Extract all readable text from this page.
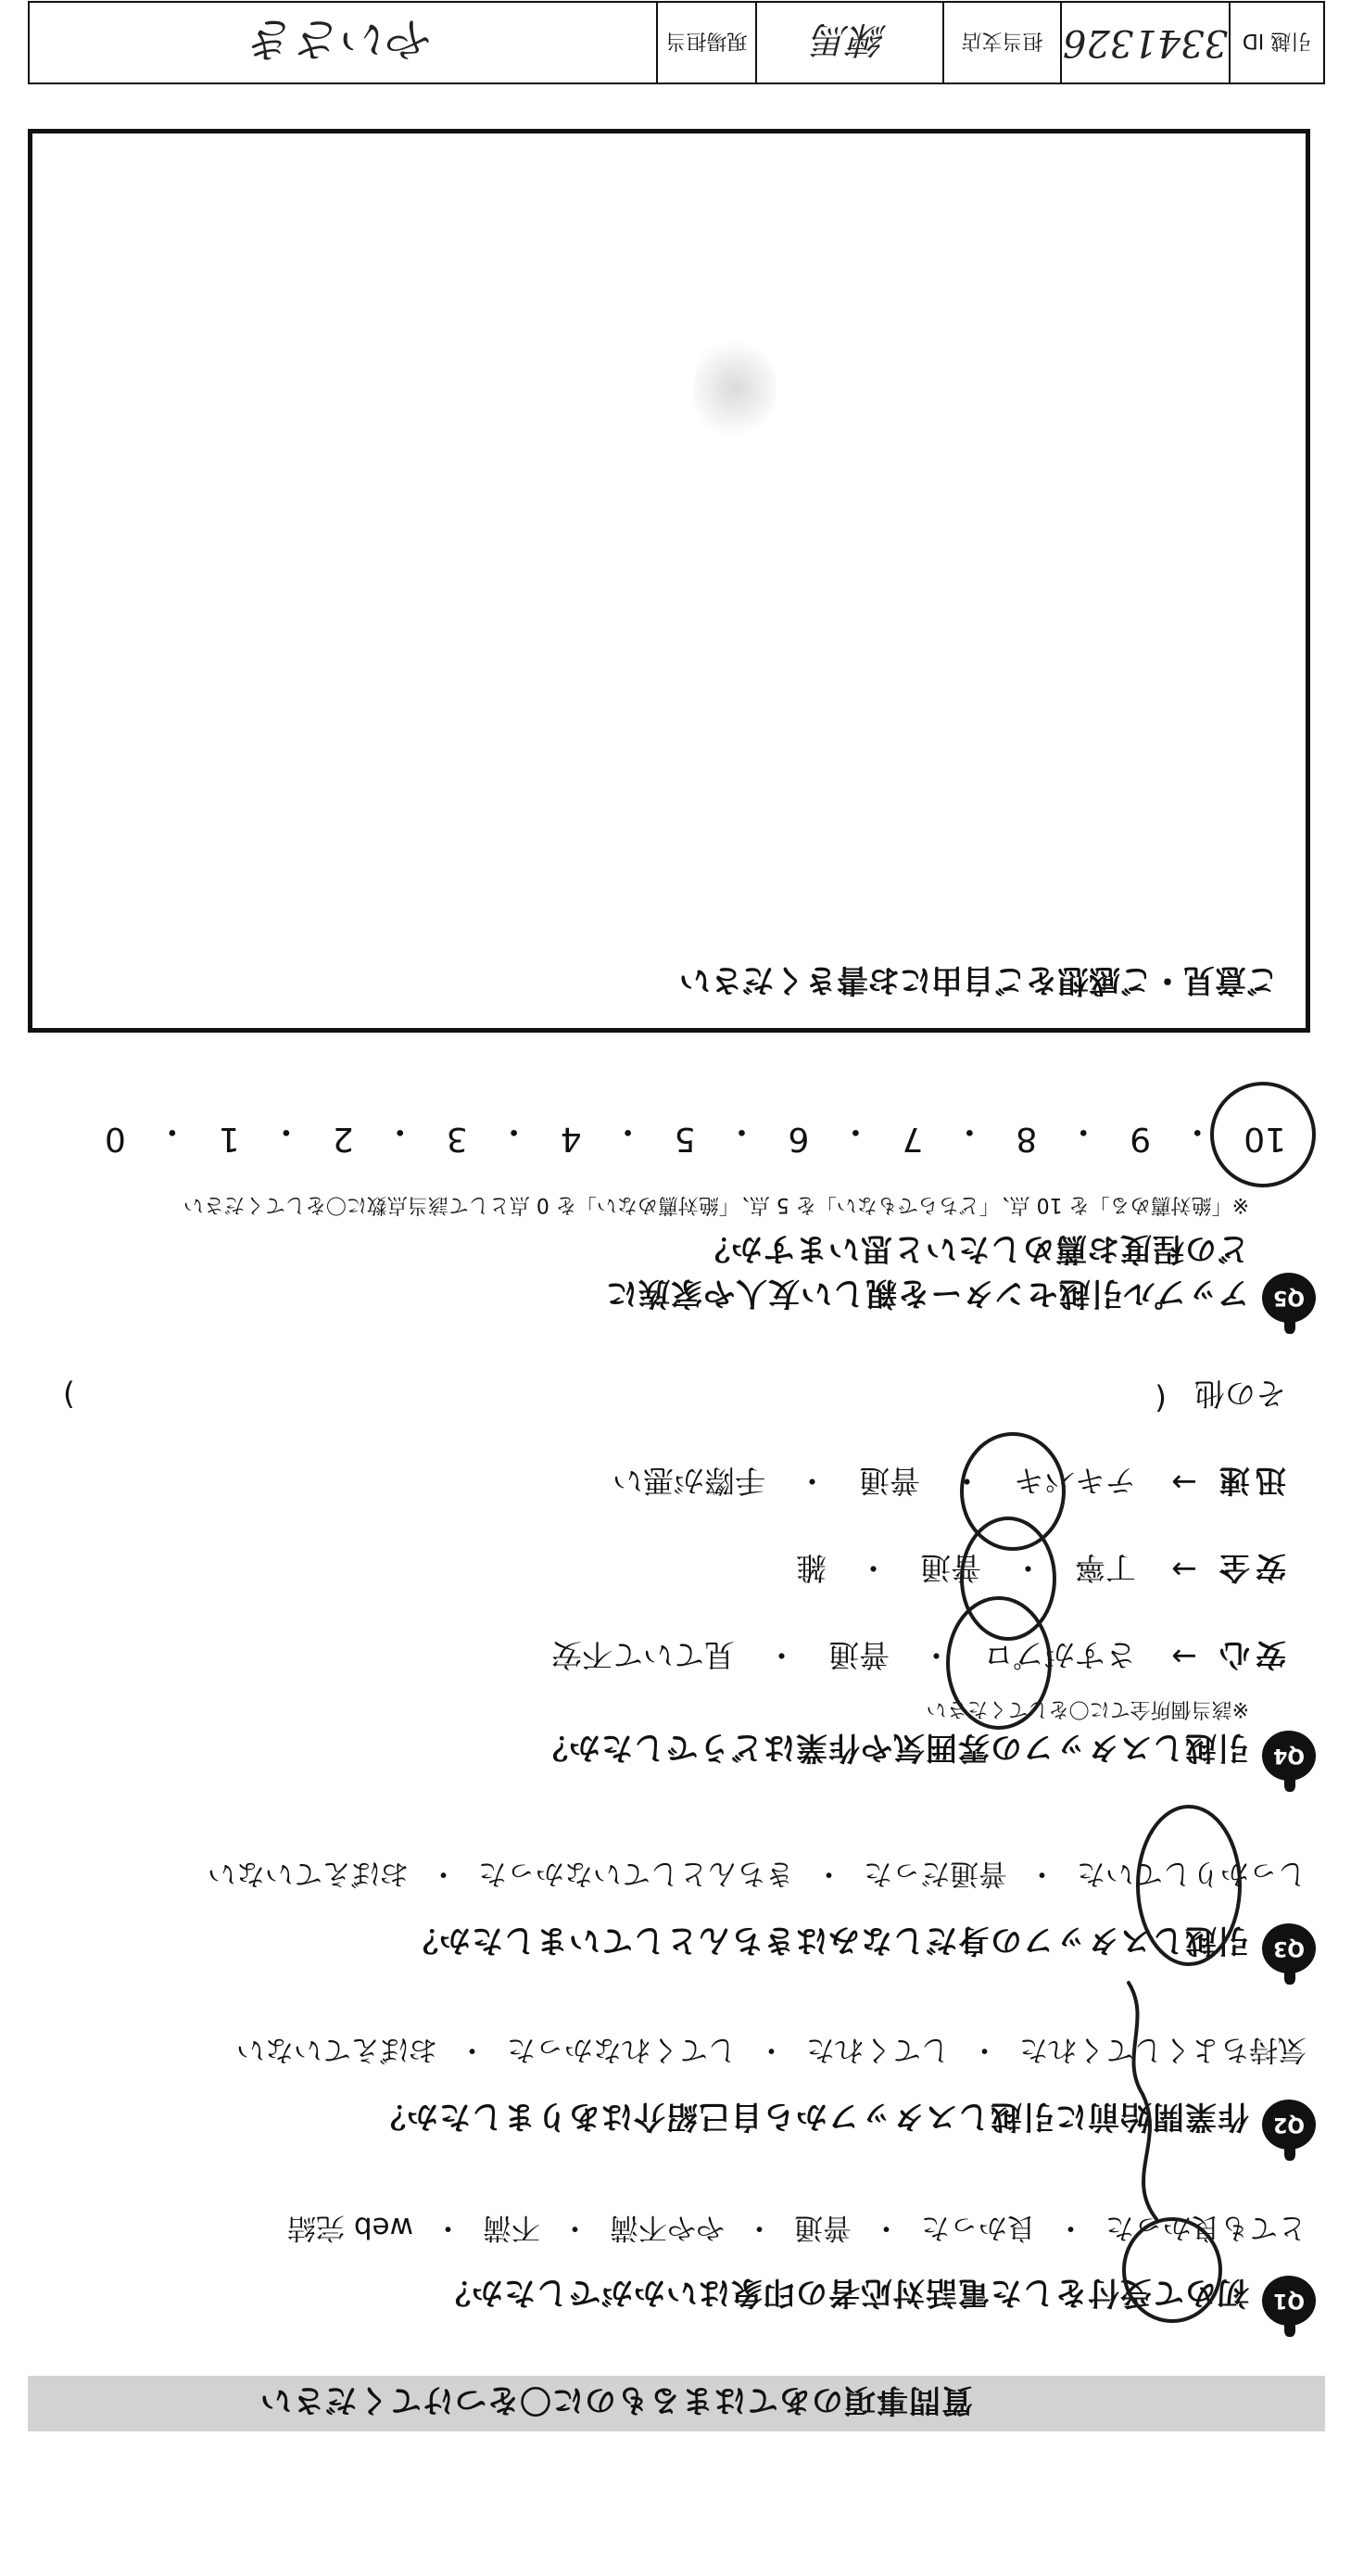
質問事項のあてはまるものに〇をつけてください
Q1
初めて受付をした電話対応者の印象はいかがでしたか？
とても良かった
・
良かった
・
普通
・
やや不満
・
不満
・
web 完結
Q2
作業開始前に引越しスタッフから自己紹介はありましたか？
気持ちよくしてくれた
・
してくれた
・
してくれなかった
・
おぼえていない
Q3
引越しスタッフの身だしなみはきちんとしていましたか？
しっかりしていた
・
普通だった
・
きちんとしていなかった
・
おぼえていない
Q4
引越しスタッフの雰囲気や作業はどうでしたか？
※該当個所全てに〇をしてください
安心
→
さすがプロ
・
普通
・
見ていて不安
安全
→
丁寧
・
普通
・
雑
迅速
→
テキパキ
・
普通
・
手際が悪い
その他
(
)
Q5
アップル引越センターを親しい友人や家族に
どの程度お薦めしたいと思いますか？
※「絶対薦める」を 10 点、「どちらでもない」を 5 点、「絶対薦めない」を 0 点として該当点数に〇をしてください
10
・
9
・
8
・
7
・
6
・
5
・
4
・
3
・
2
・
1
・
0
ご意見・ご感想をご自由にお書きください
引越 ID
3341326
担当支店
練馬
現場担当
やいさき
